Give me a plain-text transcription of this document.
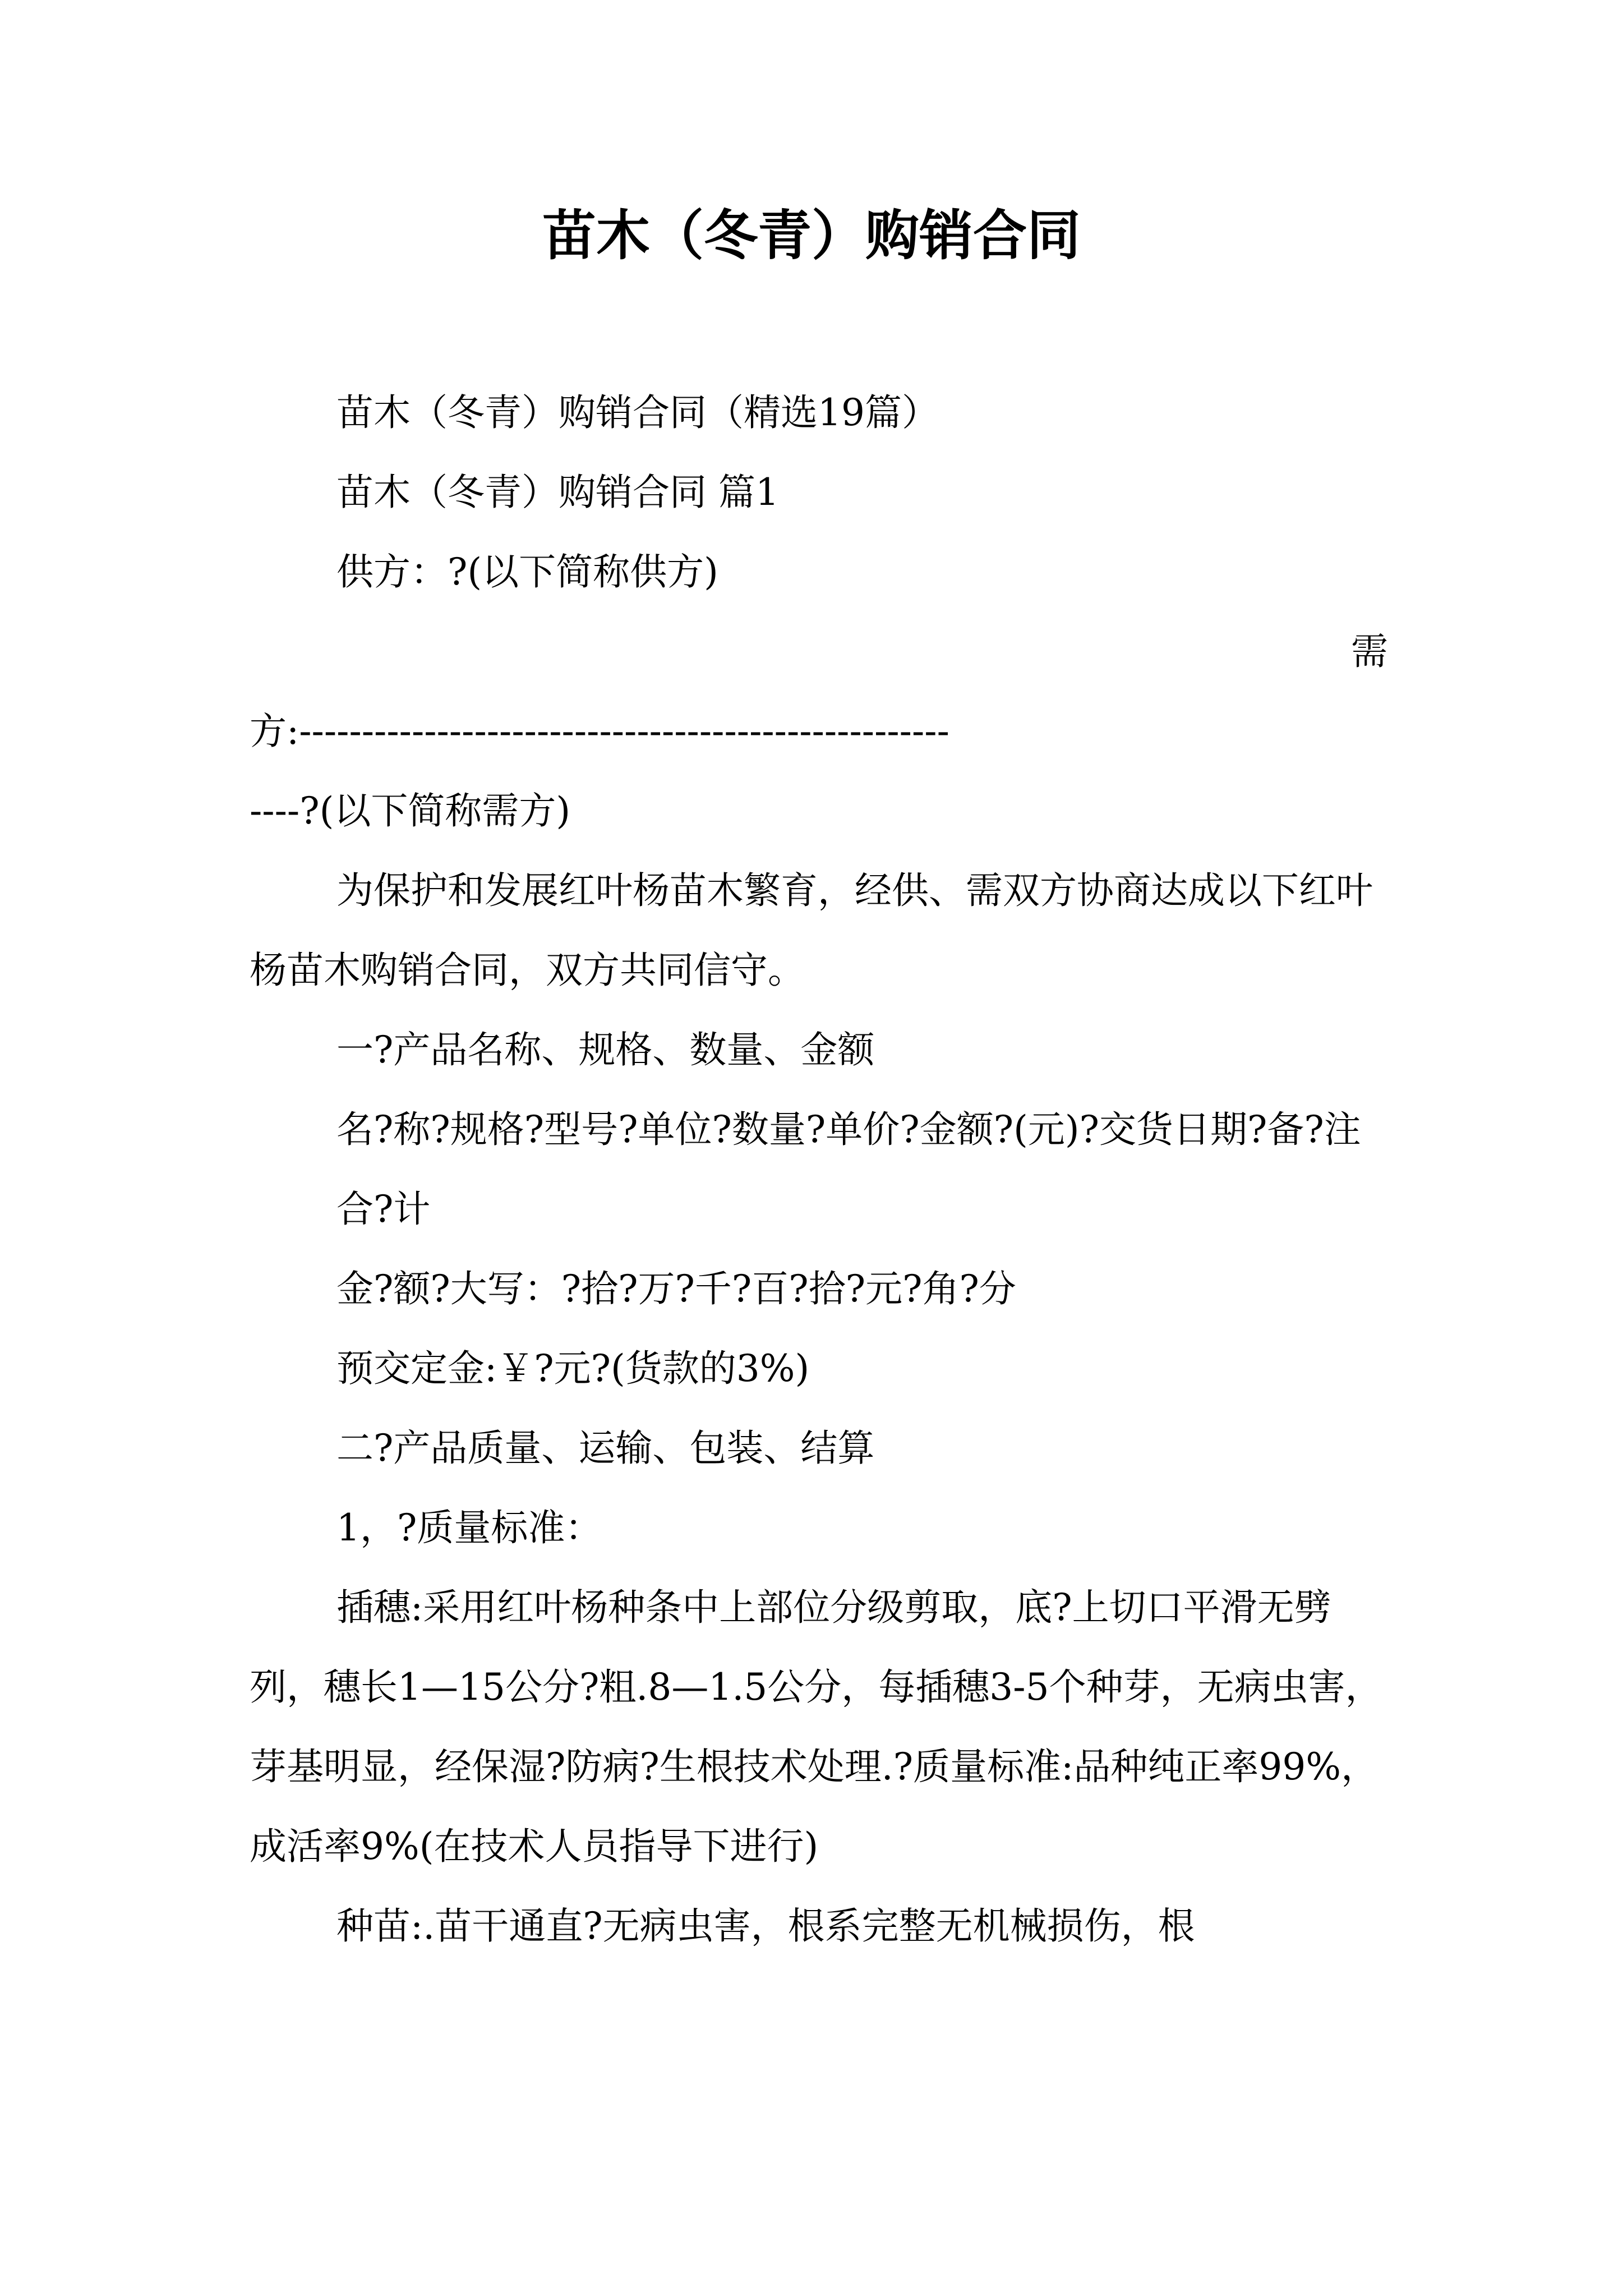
苗木（冬青）购销合同

苗木（冬青）购销合同（精选19篇）

苗木（冬青）购销合同 篇1

供方：?(以下简称供方)

需

方:----------------------------------------------------

----?(以下简称需方)

为保护和发展红叶杨苗木繁育，经供、需双方协商达成以下红叶杨苗木购销合同，双方共同信守。

一?产品名称、规格、数量、金额

名?称?规格?型号?单位?数量?单价?金额?(元)?交货日期?备?注

合?计

金?额?大写：?拾?万?千?百?拾?元?角?分

预交定金:￥?元?(货款的3%)

二?产品质量、运输、包装、结算

1，?质量标准：

插穗:采用红叶杨种条中上部位分级剪取，底?上切口平滑无劈列，穗长1—15公分?粗.8—1.5公分，每插穗3-5个种芽，无病虫害，芽基明显，经保湿?防病?生根技术处理.?质量标准:品种纯正率99%，成活率9%(在技术人员指导下进行)

种苗:.苗干通直?无病虫害，根系完整无机械损伤，根
